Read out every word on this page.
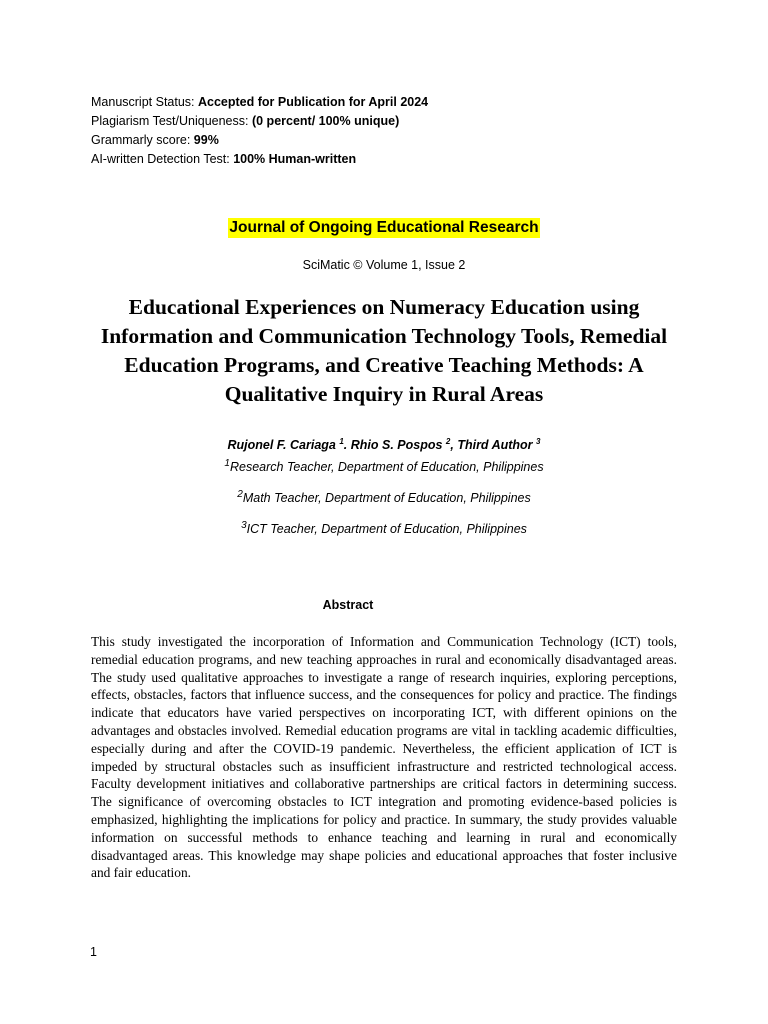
Manuscript Status: Accepted for Publication for April 2024
Plagiarism Test/Uniqueness: (0 percent/ 100% unique)
Grammarly score: 99%
AI-written Detection Test: 100% Human-written
Journal of Ongoing Educational Research
SciMatic © Volume 1, Issue 2
Educational Experiences on Numeracy Education using Information and Communication Technology Tools, Remedial Education Programs, and Creative Teaching Methods: A Qualitative Inquiry in Rural Areas
Rujonel F. Cariaga $^1$. Rhio S. Pospos $^2$, Third Author $^3$
$^1$Research Teacher, Department of Education, Philippines
$^2$Math Teacher, Department of Education, Philippines
$^3$ICT Teacher, Department of Education, Philippines
Abstract
This study investigated the incorporation of Information and Communication Technology (ICT) tools, remedial education programs, and new teaching approaches in rural and economically disadvantaged areas. The study used qualitative approaches to investigate a range of research inquiries, exploring perceptions, effects, obstacles, factors that influence success, and the consequences for policy and practice. The findings indicate that educators have varied perspectives on incorporating ICT, with different opinions on the advantages and obstacles involved. Remedial education programs are vital in tackling academic difficulties, especially during and after the COVID-19 pandemic. Nevertheless, the efficient application of ICT is impeded by structural obstacles such as insufficient infrastructure and restricted technological access. Faculty development initiatives and collaborative partnerships are critical factors in determining success. The significance of overcoming obstacles to ICT integration and promoting evidence-based policies is emphasized, highlighting the implications for policy and practice. In summary, the study provides valuable information on successful methods to enhance teaching and learning in rural and economically disadvantaged areas. This knowledge may shape policies and educational approaches that foster inclusive and fair education.
1
